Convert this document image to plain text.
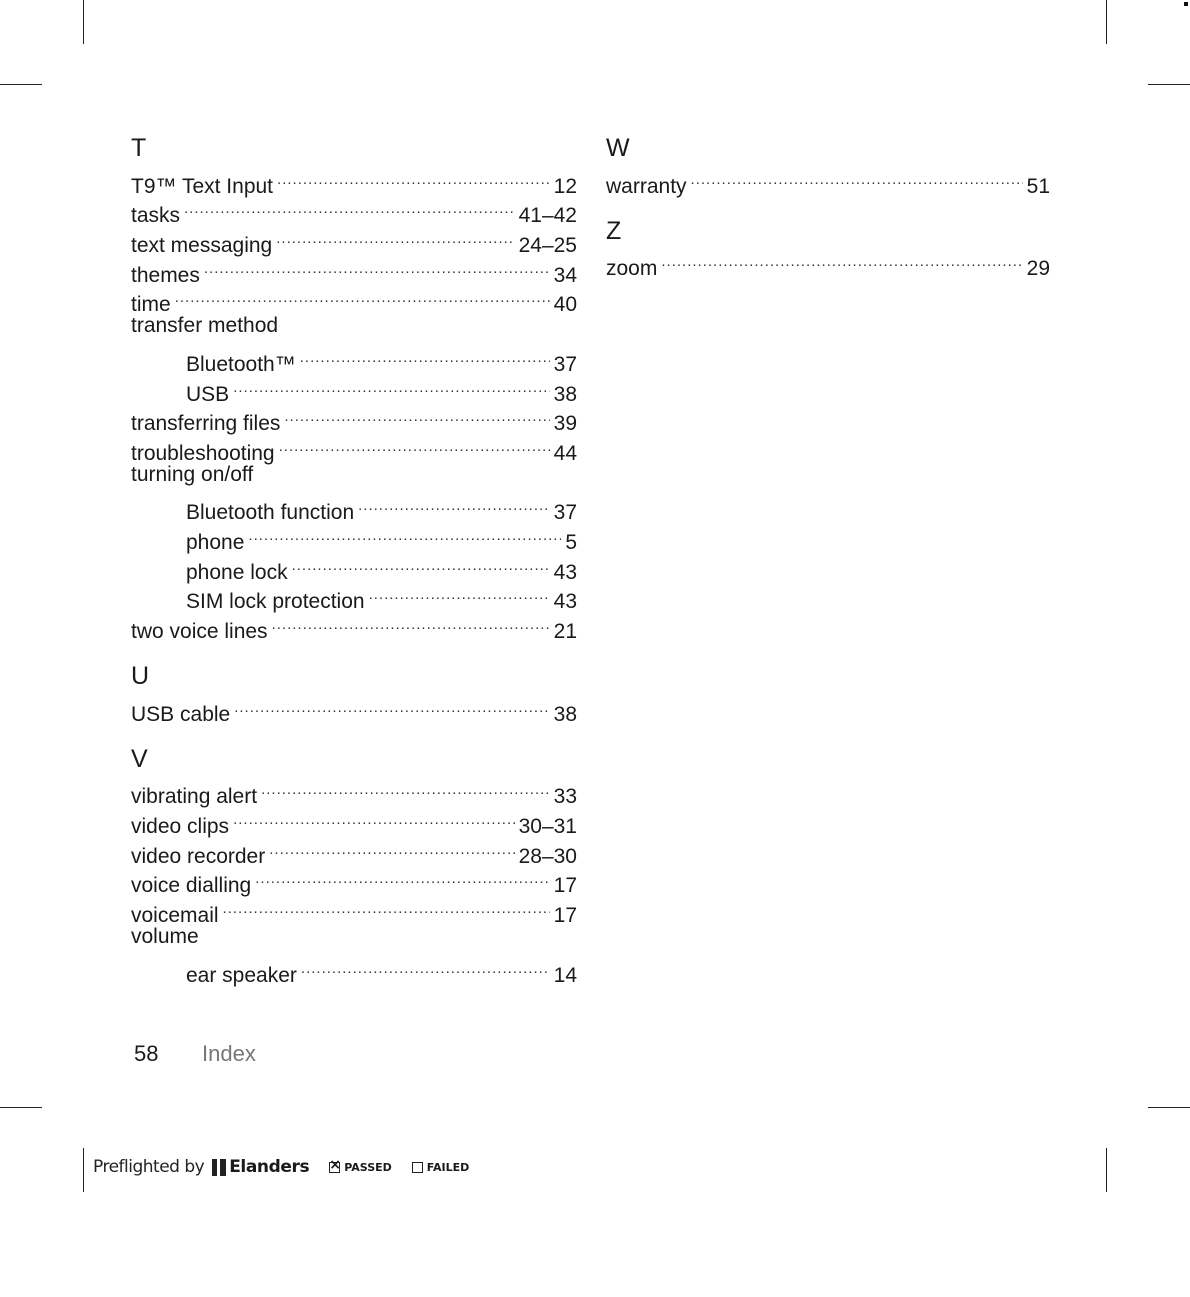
T
T9™ Text Input .....	12
tasks .....	41–42
text messaging .....	24–25
themes .....	34
time .....	40
transfer method
Bluetooth™ .....	37
USB .....	38
transferring files .....	39
troubleshooting .....	44
turning on/off
Bluetooth function .....	37
phone .....	5
phone lock .....	43
SIM lock protection .....	43
two voice lines .....	21
U
USB cable .....	38
V
vibrating alert .....	33
video clips .....	30–31
video recorder .....	28–30
voice dialling .....	17
voicemail .....	17
volume
ear speaker .....	14
W
warranty .....	51
Z
zoom .....	29
58 Index
Preflighted by Elanders ×	PASSED	FAILED
